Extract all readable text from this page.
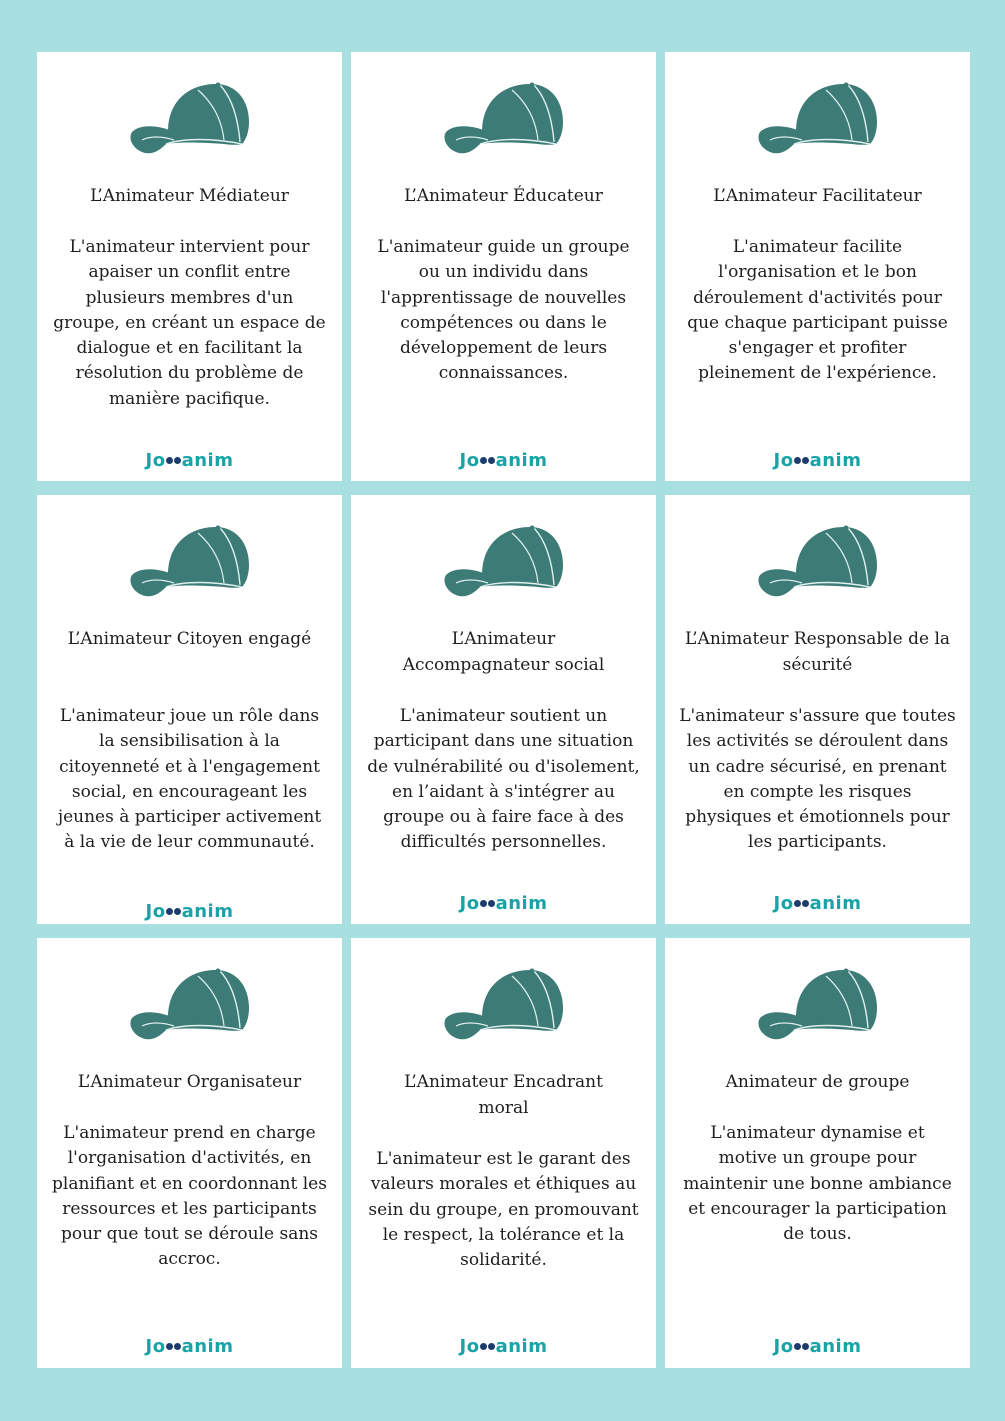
L’Animateur Médiateur

L'animateur intervient pour apaiser un conflit entre plusieurs membres d'un groupe, en créant un espace de dialogue et en facilitant la résolution du problème de manière pacifique.

Jo anim

L’Animateur Éducateur

L'animateur guide un groupe ou un individu dans l'apprentissage de nouvelles compétences ou dans le développement de leurs connaissances.

Jo anim

L’Animateur Facilitateur

L'animateur facilite l'organisation et le bon déroulement d'activités pour que chaque participant puisse s'engager et profiter pleinement de l'expérience.

Jo anim

L’Animateur Citoyen engagé

L'animateur joue un rôle dans la sensibilisation à la citoyenneté et à l'engagement social, en encourageant les jeunes à participer activement à la vie de leur communauté.

Jo anim

L’Animateur Accompagnateur social

L'animateur soutient un participant dans une situation de vulnérabilité ou d'isolement, en l’aidant à s'intégrer au groupe ou à faire face à des difficultés personnelles.

Jo anim

L’Animateur Responsable de la sécurité

L'animateur s'assure que toutes les activités se déroulent dans un cadre sécurisé, en prenant en compte les risques physiques et émotionnels pour les participants.

Jo anim

L’Animateur Organisateur

L'animateur prend en charge l'organisation d'activités, en planifiant et en coordonnant les ressources et les participants pour que tout se déroule sans accroc.

Jo anim

L’Animateur Encadrant moral

L'animateur est le garant des valeurs morales et éthiques au sein du groupe, en promouvant le respect, la tolérance et la solidarité.

Jo anim

Animateur de groupe

L'animateur dynamise et motive un groupe pour maintenir une bonne ambiance et encourager la participation de tous.

Jo anim
